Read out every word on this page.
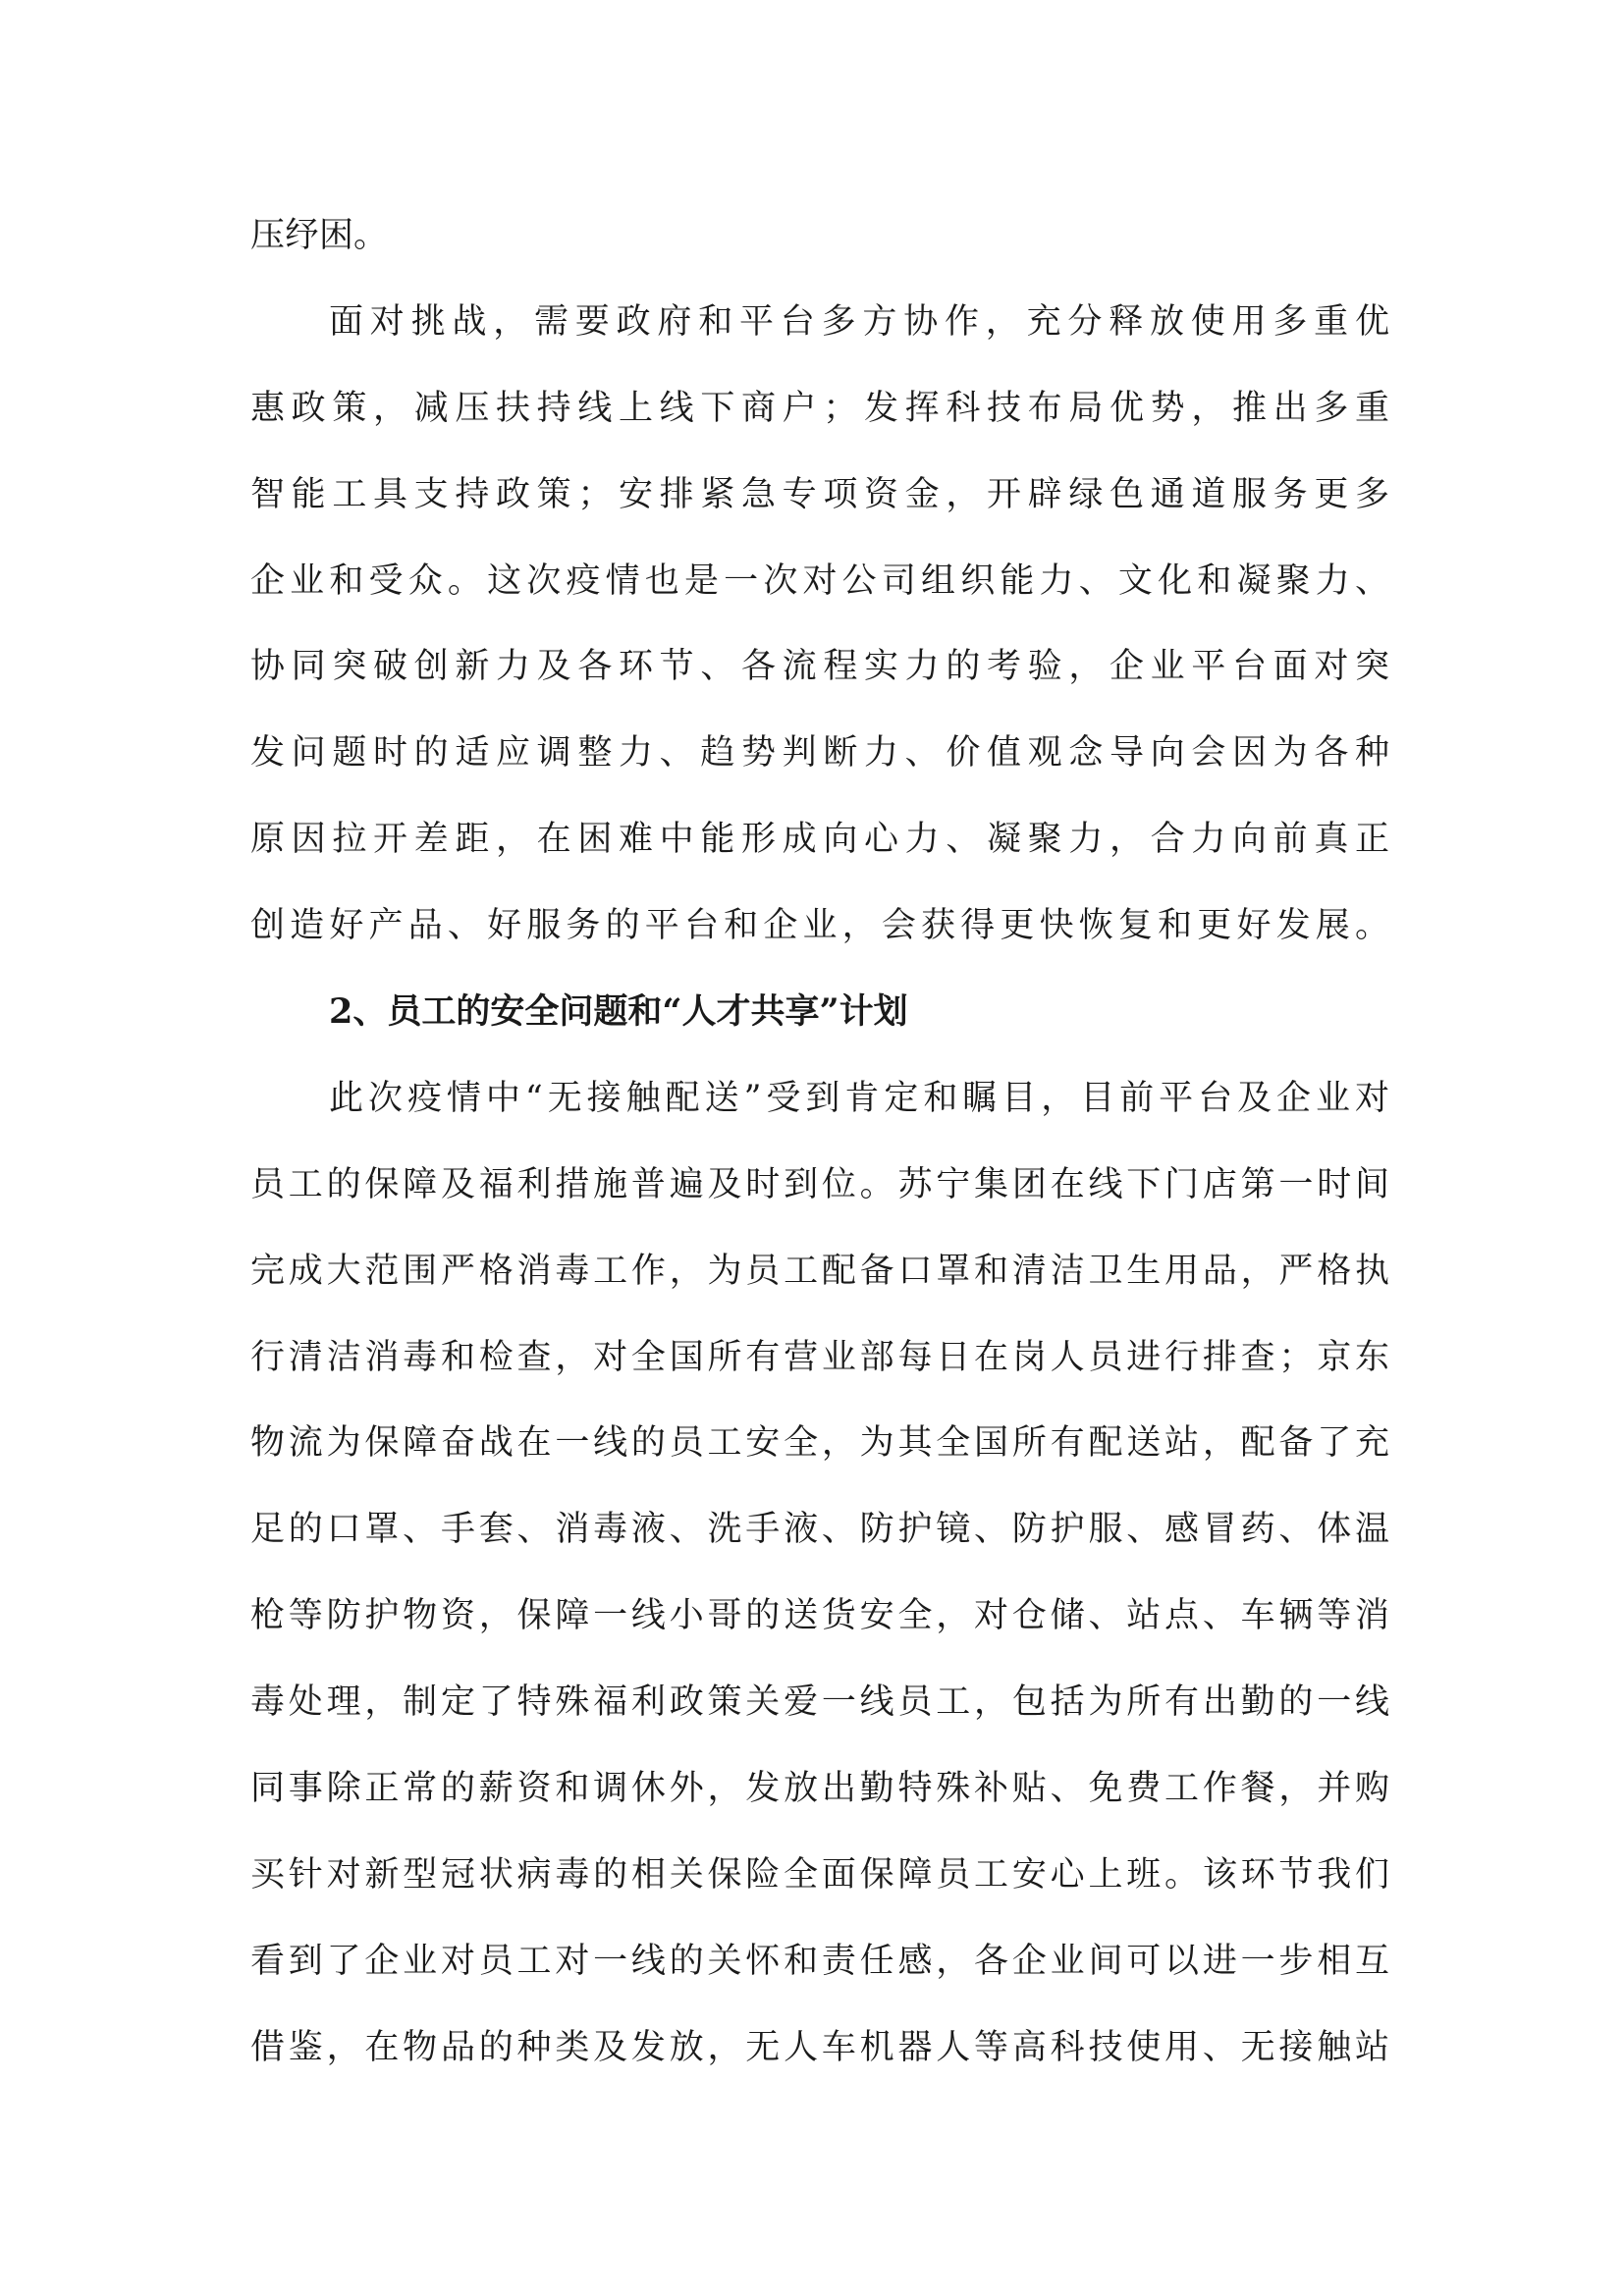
压纾困。
面对挑战，需要政府和平台多方协作，充分释放使用多重优
惠政策，减压扶持线上线下商户；发挥科技布局优势，推出多重
智能工具支持政策；安排紧急专项资金，开辟绿色通道服务更多
企业和受众。这次疫情也是一次对公司组织能力、文化和凝聚力、
协同突破创新力及各环节、各流程实力的考验，企业平台面对突
发问题时的适应调整力、趋势判断力、价值观念导向会因为各种
原因拉开差距，在困难中能形成向心力、凝聚力，合力向前真正
创造好产品、好服务的平台和企业，会获得更快恢复和更好发展。
2、员工的安全问题和“人才共享”计划
此次疫情中“无接触配送”受到肯定和瞩目，目前平台及企业对
员工的保障及福利措施普遍及时到位。苏宁集团在线下门店第一时间
完成大范围严格消毒工作，为员工配备口罩和清洁卫生用品，严格执
行清洁消毒和检查，对全国所有营业部每日在岗人员进行排查；京东
物流为保障奋战在一线的员工安全，为其全国所有配送站，配备了充
足的口罩、手套、消毒液、洗手液、防护镜、防护服、感冒药、体温
枪等防护物资，保障一线小哥的送货安全，对仓储、站点、车辆等消
毒处理，制定了特殊福利政策关爱一线员工，包括为所有出勤的一线
同事除正常的薪资和调休外，发放出勤特殊补贴、免费工作餐，并购
买针对新型冠状病毒的相关保险全面保障员工安心上班。该环节我们
看到了企业对员工对一线的关怀和责任感，各企业间可以进一步相互
借鉴，在物品的种类及发放，无人车机器人等高科技使用、无接触站
